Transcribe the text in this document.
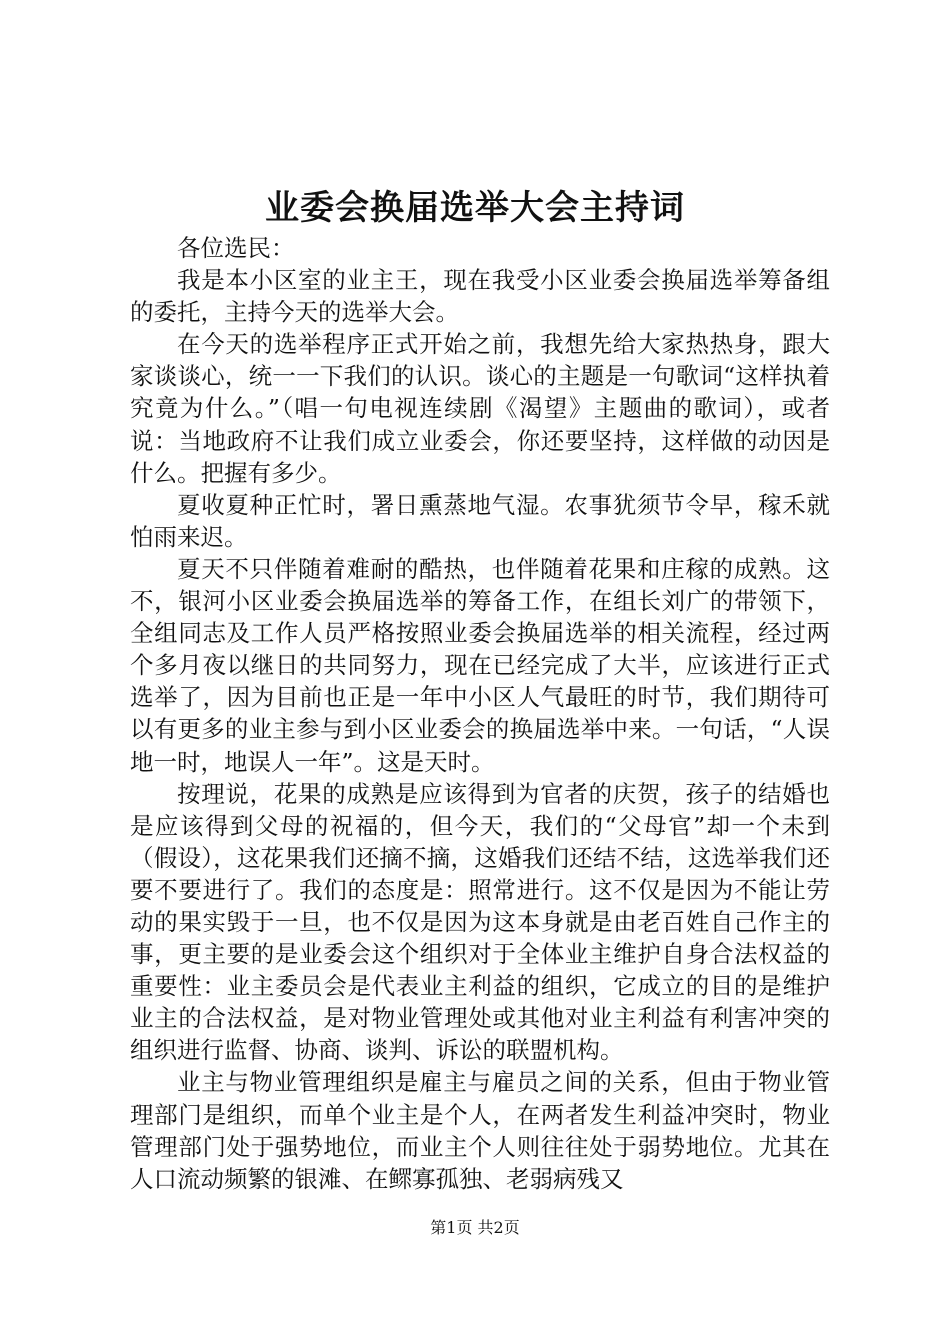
业委会换届选举大会主持词

各位选民：

我是本小区室的业主王，现在我受小区业委会换届选举筹备组的委托，主持今天的选举大会。

在今天的选举程序正式开始之前，我想先给大家热热身，跟大家谈谈心，统一一下我们的认识。谈心的主题是一句歌词“这样执着究竟为什么。”（唱一句电视连续剧《渴望》主题曲的歌词），或者说：当地政府不让我们成立业委会，你还要坚持，这样做的动因是什么。把握有多少。

夏收夏种正忙时，署日熏蒸地气湿。农事犹须节令早，稼禾就怕雨来迟。

夏天不只伴随着难耐的酷热，也伴随着花果和庄稼的成熟。这不，银河小区业委会换届选举的筹备工作，在组长刘广的带领下，全组同志及工作人员严格按照业委会换届选举的相关流程，经过两个多月夜以继日的共同努力，现在已经完成了大半，应该进行正式选举了，因为目前也正是一年中小区人气最旺的时节，我们期待可以有更多的业主参与到小区业委会的换届选举中来。一句话，“人误地一时，地误人一年”。这是天时。

按理说，花果的成熟是应该得到为官者的庆贺，孩子的结婚也是应该得到父母的祝福的，但今天，我们的“父母官”却一个未到（假设），这花果我们还摘不摘，这婚我们还结不结，这选举我们还要不要进行了。我们的态度是：照常进行。这不仅是因为不能让劳动的果实毁于一旦，也不仅是因为这本身就是由老百姓自己作主的事，更主要的是业委会这个组织对于全体业主维护自身合法权益的重要性：业主委员会是代表业主利益的组织，它成立的目的是维护业主的合法权益，是对物业管理处或其他对业主利益有利害冲突的组织进行监督、协商、谈判、诉讼的联盟机构。

业主与物业管理组织是雇主与雇员之间的关系，但由于物业管理部门是组织，而单个业主是个人，在两者发生利益冲突时，物业管理部门处于强势地位，而业主个人则往往处于弱势地位。尤其在人口流动频繁的银滩、在鳏寡孤独、老弱病残又

第1页 共2页
